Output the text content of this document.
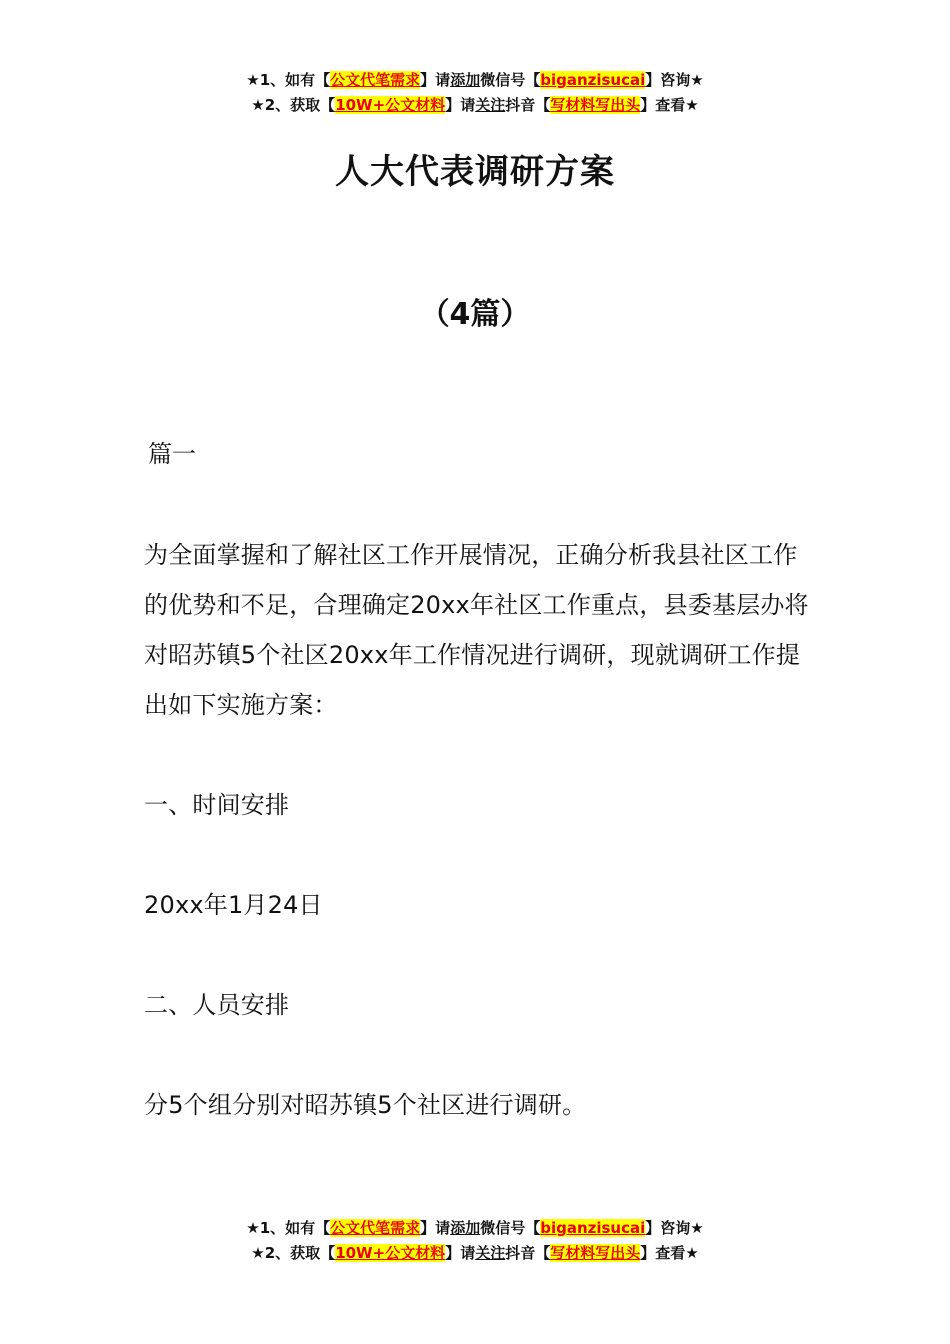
★1、如有【公文代笔需求】请添加微信号【biganzisucai】咨询★
★2、获取【10W+公文材料】请关注抖音【写材料写出头】查看★
人大代表调研方案
（4篇）
篇一
为全面掌握和了解社区工作开展情况，正确分析我县社区工作的优势和不足，合理确定20xx年社区工作重点，县委基层办将对昭苏镇5个社区20xx年工作情况进行调研，现就调研工作提出如下实施方案：
一、时间安排
20xx年1月24日
二、人员安排
分5个组分别对昭苏镇5个社区进行调研。
★1、如有【公文代笔需求】请添加微信号【biganzisucai】咨询★
★2、获取【10W+公文材料】请关注抖音【写材料写出头】查看★
